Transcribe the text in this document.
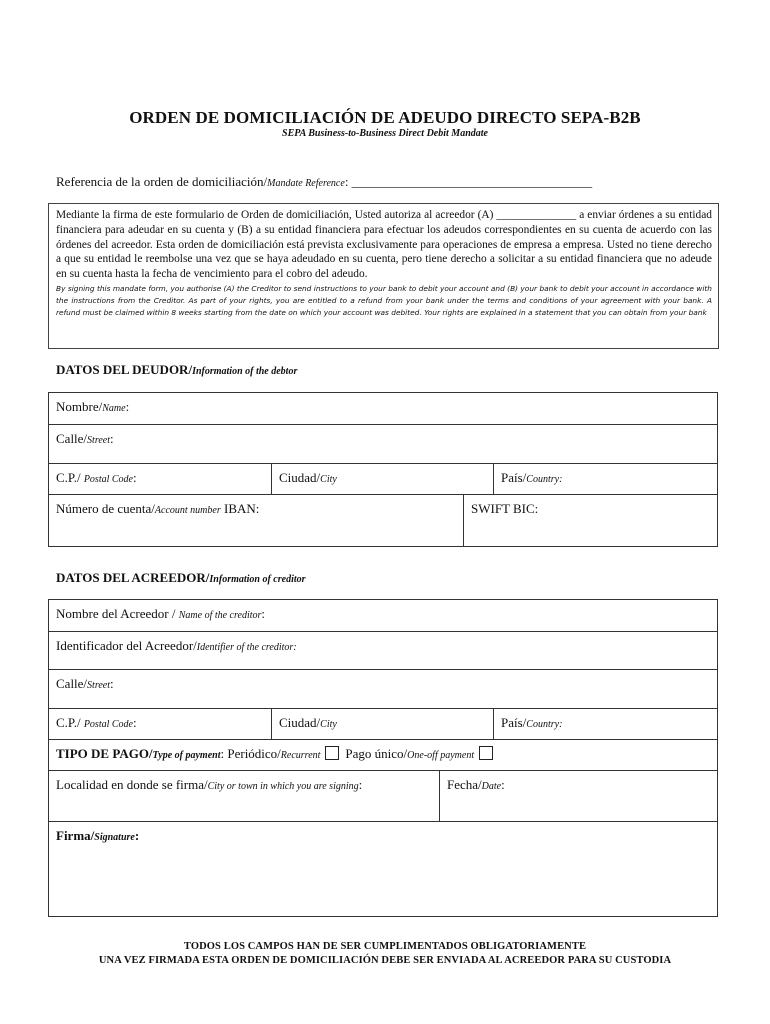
ORDEN DE DOMICILIACIÓN DE ADEUDO DIRECTO SEPA-B2B
SEPA Business-to-Business Direct Debit Mandate
Referencia de la orden de domiciliación/Mandate Reference: _____________________________________

Mediante la firma de este formulario de Orden de domiciliación, Usted autoriza al acreedor (A) ______________ a enviar órdenes a su entidad financiera para adeudar en su cuenta y (B) a su entidad financiera para efectuar los adeudos correspondientes en su cuenta de acuerdo con las órdenes del acreedor. Esta orden de domiciliación está prevista exclusivamente para operaciones de empresa a empresa. Usted no tiene derecho a que su entidad le reembolse una vez que se haya adeudado en su cuenta, pero tiene derecho a solicitar a su entidad financiera que no adeude en su cuenta hasta la fecha de vencimiento para el cobro del adeudo.

By signing this mandate form, you authorise (A) the Creditor to send instructions to your bank to debit your account and (B) your bank to debit your account in accordance with the instructions from the Creditor. As part of your rights, you are entitled to a refund from your bank under the terms and conditions of your agreement with your bank. A refund must be claimed within 8 weeks starting from the date on which your account was debited. Your rights are explained in a statement that you can obtain from your bank

DATOS DEL DEUDOR/Information of the debtor
Nombre/Name:
Calle/Street:
C.P./ Postal Code:	Ciudad/City	País/Country:
Número de cuenta/Account number IBAN:	SWIFT BIC:
DATOS DEL ACREEDOR/Information of creditor
Nombre del Acreedor / Name of the creditor:
Identificador del Acreedor/Identifier of the creditor:
Calle/Street:
C.P./ Postal Code:	Ciudad/City	País/Country:
TIPO DE PAGO/Type of payment: Periódico/Recurrent Pago único/One-off payment
Localidad en donde se firma/City or town in which you are signing:	Fecha/Date:
Firma/Signature:
TODOS LOS CAMPOS HAN DE SER CUMPLIMENTADOS OBLIGATORIAMENTE
UNA VEZ FIRMADA ESTA ORDEN DE DOMICILIACIÓN DEBE SER ENVIADA AL ACREEDOR PARA SU CUSTODIA
